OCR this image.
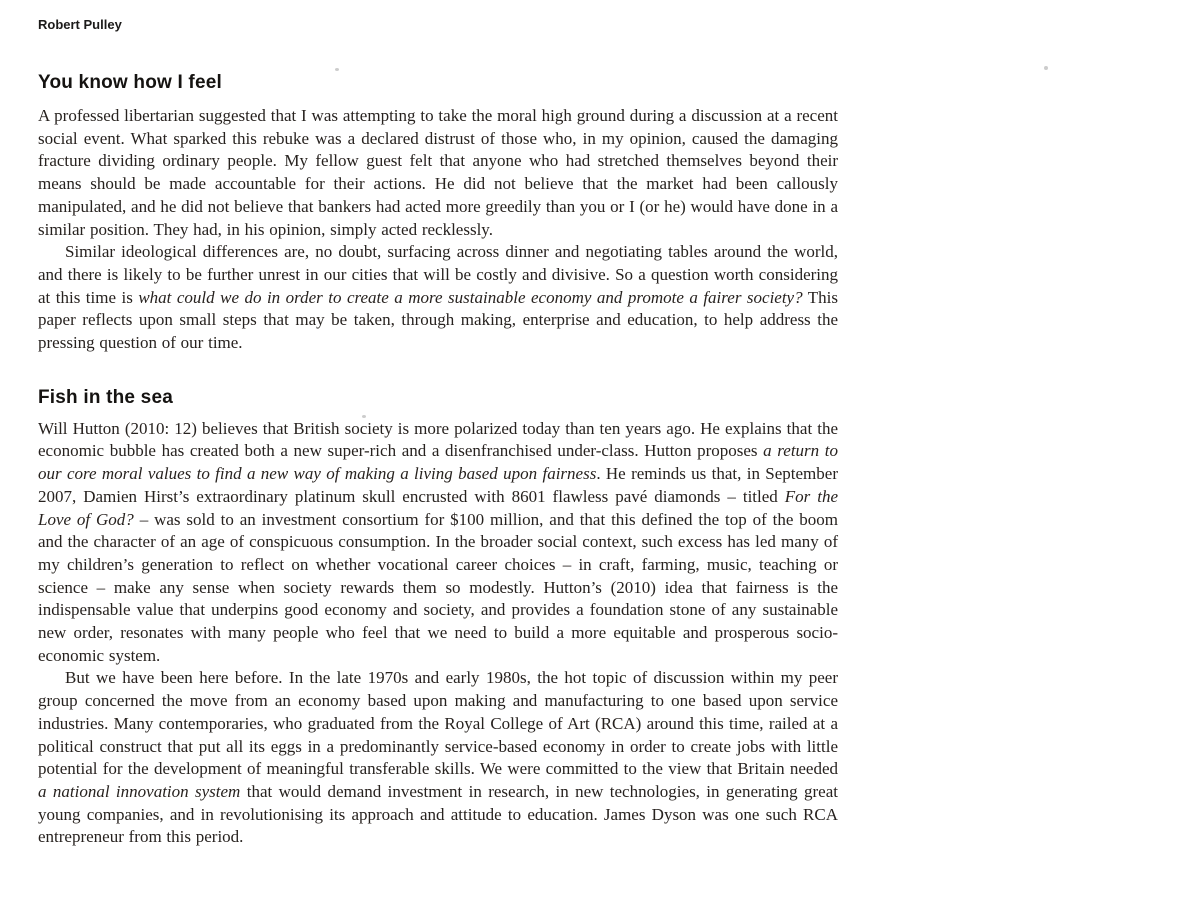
Robert Pulley
You know how I feel

A professed libertarian suggested that I was attempting to take the moral high ground during a discussion at a recent social event. What sparked this rebuke was a declared distrust of those who, in my opinion, caused the damaging fracture dividing ordinary people. My fellow guest felt that anyone who had stretched themselves beyond their means should be made accountable for their actions. He did not believe that the market had been callously manipulated, and he did not believe that bankers had acted more greedily than you or I (or he) would have done in a similar position. They had, in his opinion, simply acted recklessly.

Similar ideological differences are, no doubt, surfacing across dinner and negotiating tables around the world, and there is likely to be further unrest in our cities that will be costly and divisive. So a question worth considering at this time is what could we do in order to create a more sustainable economy and promote a fairer society? This paper reflects upon small steps that may be taken, through making, enterprise and education, to help address the pressing question of our time.

Fish in the sea

Will Hutton (2010: 12) believes that British society is more polarized today than ten years ago. He explains that the economic bubble has created both a new super-rich and a disenfranchised under-class. Hutton proposes a return to our core moral values to find a new way of making a living based upon fairness. He reminds us that, in September 2007, Damien Hirst’s extraordinary platinum skull encrusted with 8601 flawless pavé diamonds – titled For the Love of God? – was sold to an investment consortium for $100 million, and that this defined the top of the boom and the character of an age of conspicuous consumption. In the broader social context, such excess has led many of my children’s generation to reflect on whether vocational career choices – in craft, farming, music, teaching or science – make any sense when society rewards them so modestly. Hutton’s (2010) idea that fairness is the indispensable value that underpins good economy and society, and provides a foundation stone of any sustainable new order, resonates with many people who feel that we need to build a more equitable and prosperous socio-economic system.

But we have been here before. In the late 1970s and early 1980s, the hot topic of discussion within my peer group concerned the move from an economy based upon making and manufacturing to one based upon service industries. Many contemporaries, who graduated from the Royal College of Art (RCA) around this time, railed at a political construct that put all its eggs in a predominantly service-based economy in order to create jobs with little potential for the development of meaningful transferable skills. We were committed to the view that Britain needed a national innovation system that would demand investment in research, in new technologies, in generating great young companies, and in revolutionising its approach and attitude to education. James Dyson was one such RCA entrepreneur from this period.
